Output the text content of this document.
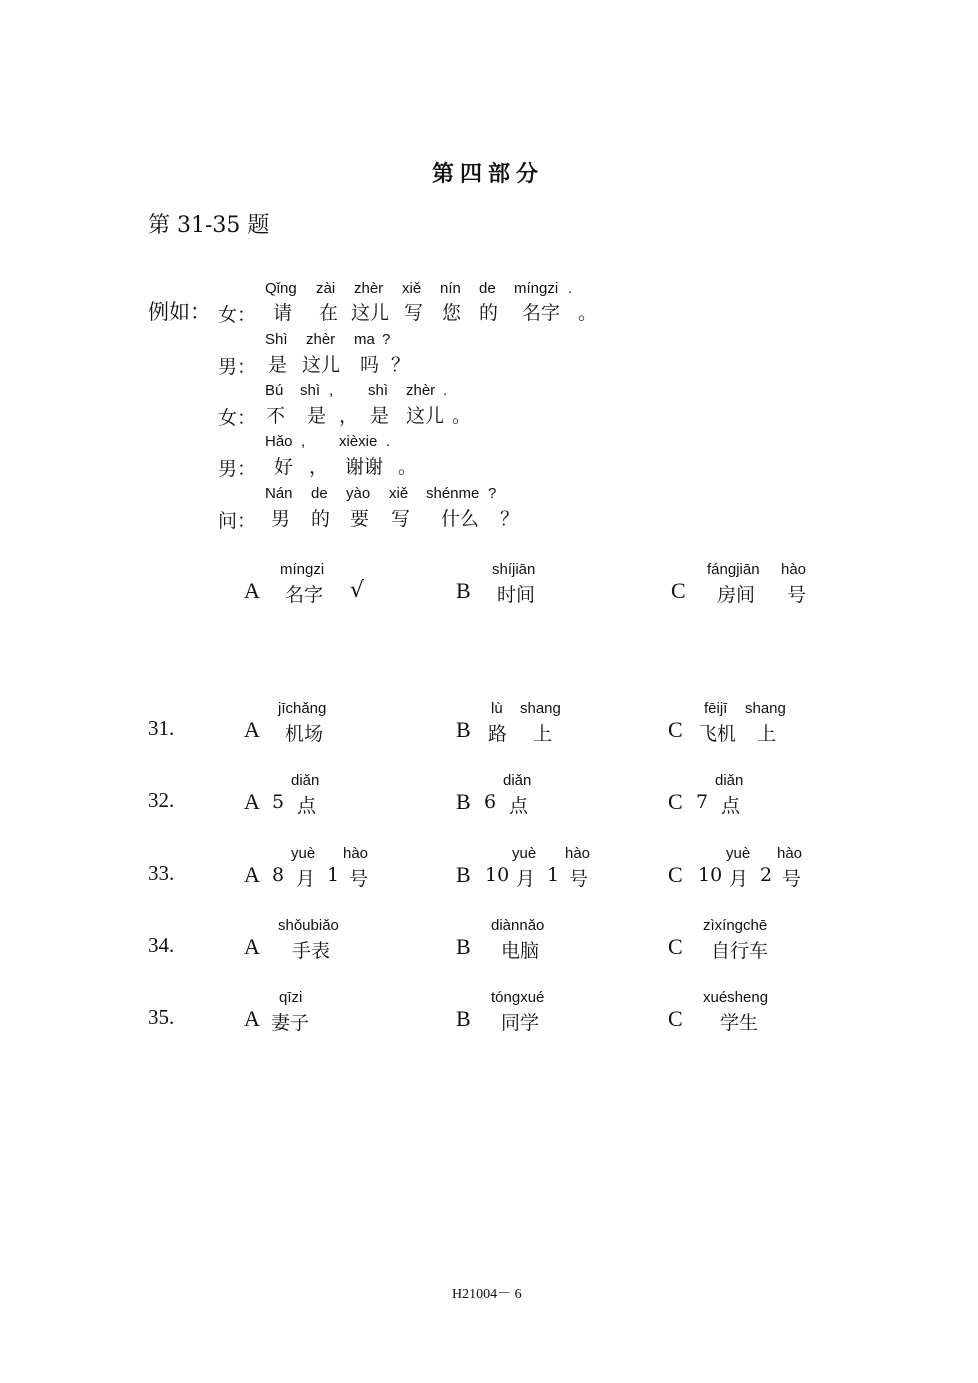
第四部分
第 31-35 题
例如： 女：
Qǐng zài zhèr xiě nín de míngzi .
请 在 这儿 写 您 的 名字 。
男：
Shì zhèr ma ?
是 这儿 吗 ？
女：
Bú shì , shì zhèr .
不 是 ， 是 这儿 。
男：
Hǎo , xièxie .
好 ， 谢谢 。
问：
Nán de yào xiě shénme ?
男 的 要 写 什么 ？
A
míngzi
名字 √	B
shíjiān
时间	C
fángjiān hào
房间 号
31.	A
jīchǎng
机场	B
lù shang
路 上	C
fēijī shang
飞机 上
32.	A
diǎn
5 点	B
diǎn
6 点	C
diǎn
7 点
33.	A
yuè hào
8 月 1 号	B
yuè hào
10 月 1 号	C
yuè hào
10 月 2 号
34.	A
shǒubiǎo
手表	B
diànnǎo
电脑	C
zìxíngchē
自行车
35.	A
qīzi
妻子	B
tóngxué
同学	C
xuésheng
学生
H21004－ 6
